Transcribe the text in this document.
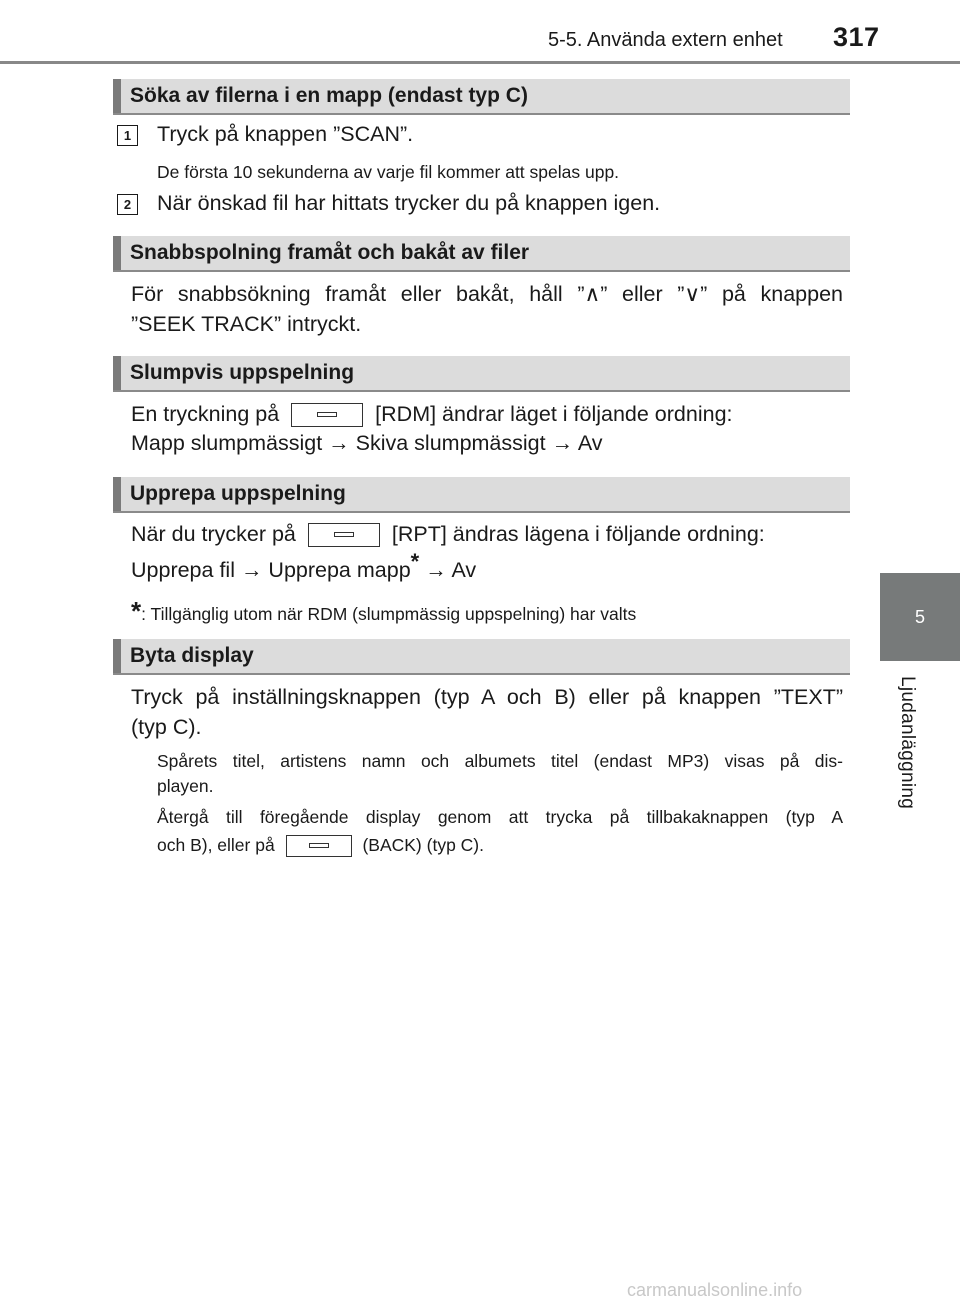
5-5. Använda extern enhet 317
5
Ljudanläggning
Söka av filerna i en mapp (endast typ C)
1	Tryck på knappen ”SCAN”.
De första 10 sekunderna av varje fil kommer att spelas upp.
2	När önskad fil har hittats trycker du på knappen igen.
Snabbspolning framåt och bakåt av filer
För snabbsökning framåt eller bakåt, håll ”∧” eller ”∨” på knappen
”SEEK TRACK” intryckt.
Slumpvis uppspelning
En tryckning på	[RDM] ändrar läget i följande ordning:
Mapp slumpmässigt → Skiva slumpmässigt → Av
Upprepa uppspelning
När du trycker på	[RPT] ändras lägena i följande ordning:
Upprepa fil → Upprepa mapp* → Av
*: Tillgänglig utom när RDM (slumpmässig uppspelning) har valts
Byta display
Tryck på inställningsknappen (typ A och B) eller på knappen ”TEXT”
(typ C).
Spårets titel, artistens namn och albumets titel (endast MP3) visas på dis-
playen.
Återgå till föregående display genom att trycka på tillbakaknappen (typ A
och B), eller på	(BACK) (typ C).
carmanualsonline.info
